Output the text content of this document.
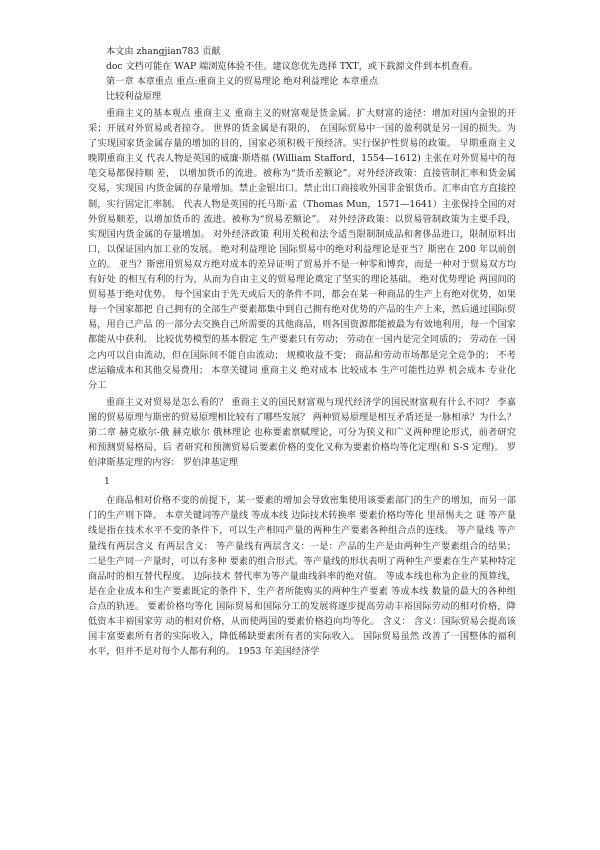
本文由 zhangjian783 贡献

doc 文档可能在 WAP 端浏览体验不佳。建议您优先选择 TXT，或下载源文件到本机查看。

第一章 本章重点 重点:重商主义的贸易理论 绝对利益理论 本章重点

比较利益原理

重商主义的基本观点 重商主义 重商主义的财富观是货金属。扩大财富的途径：增加对国内金银的开采；开展对外贸易或者掠夺。 世界的货金属是有限的， 在国际贸易中一国的盈利就是另一国的损失。为了实现国家货金属存量的增加的目的，国家必须积极干预经济。实行保护性贸易的政策。 早期重商主义 晚期重商主义 代表人物是英国的威廉·斯塔福 (William Stafford，1554—1612) 主张在对外贸易中的每笔交易都保持顺 差， 以增加货币的流进。被称为“货币差额论”。对外经济政策：直接管制汇率和货金属交易，实现国 内货金属的存量增加。禁止金银出口。禁止出口商接收外国非金银货币。汇率由官方直接控制，实行固定汇率制。 代表人物是英国的托马斯·孟（Thomas Mun，1571—1641）主张保持全国的对外贸易顺差，以增加货币的 流进。被称为“贸易差额论”。 对外经济政策：以贸易管制政策为主要手段，实现国内货金属的存量增加。 对外经济政策 利用关税和法令适当限制制成品和奢侈品进口，限制原料出口，以保证国内加工业的发展。 绝对利益理论 国际贸易中的绝对利益理论是亚当？斯密在 200 年以前创立的。 亚当？斯密用贸易双方绝对成本的差异证明了贸易并不是一种零和博弈，而是一种对于贸易双方均有好处 的相互有利的行为，从而为自由主义的贸易理论奠定了坚实的理论基础。 绝对优势理论 两国间的贸易基于绝对优势。 每个国家由于先天或后天的条件不同，都会在某一种商品的生产上有绝对优势，如果每一个国家都把 自己拥有的全部生产要素都集中到自己拥有绝对优势的产品的生产上来，然后通过国际贸易，用自己产品 的一部分去交换自己所需要的其他商品，则各国资源都能被最为有效地利用，每一个国家都能从中获利。 比较优势模型的基本假定 生产要素只有劳动； 劳动在一国内是完全同质的； 劳动在一国之内可以自由流动，但在国际间不能自由流动； 规模收益不变； 商品和劳动市场都是完全竞争的； 不考虑运输成本和其他交易费用； 本章关键词 重商主义 绝对成本 比较成本 生产可能性边界 机会成本 专业化分工

重商主义对贸易是怎么看的？ 重商主义的国民财富观与现代经济学的国民财富观有什么不同？ 李嘉图的贸易原理与斯密的贸易原理相比较有了哪些发展？ 两种贸易原理是相互矛盾还是一脉相承？为什么？ 第二章 赫克歇尔-俄 赫克歇尔 俄林理论 也称要素禀赋理论，可分为狭义和广义两种理论形式，前者研究和预测贸易格局，后 者研究和预测贸易后要素价格的变化又称为要素价格均等化定理(和 S-S 定理)。 罗伯津斯基定理的内容： 罗伯津基定理

1

在商品相对价格不变的前提下，某一要素的增加会导致密集使用该要素部门的生产的增加，而另一部 门的生产则下降。 本章关键词等产量线 等成本线 边际技术转换率 要素价格均等化 里昂惕夫之 谜 等产量线是指在技术水平不变的条件下，可以生产相同产量的两种生产要素各种组合点的连线。 等产量线 等产量线有两层含义 有两层含义： 等产量线有两层含义：一是：产品的生产是由两种生产要素组合的结果；二是生产同一产量时，可以有多种 要素的组合形式。等产量线的形状表明了两种生产要素在生产某种特定商品时的相互替代程度。 边际技术 替代率为等产量曲线斜率的绝对值。 等成本线也称为企业的预算线，是在企业成本和生产要素既定的条件下，生产者所能购买的两种生产要素 等成本线 数量的最大的各种组合点的轨迹。 要素价格均等化 国际贸易和国际分工的发展将逐步提高劳动丰裕国际劳动的相对价格，降低资本丰裕国家劳 动的相对价格，从而使两国的要素价格趋向均等化。 含义： 含义：国际贸易会提高该国丰富要素所有者的实际收入，降低稀缺要素所有者的实际收入。 国际贸易虽然 改善了一国整体的福利水平，但并不是对每个人都有利的。 1953 年美国经济学
